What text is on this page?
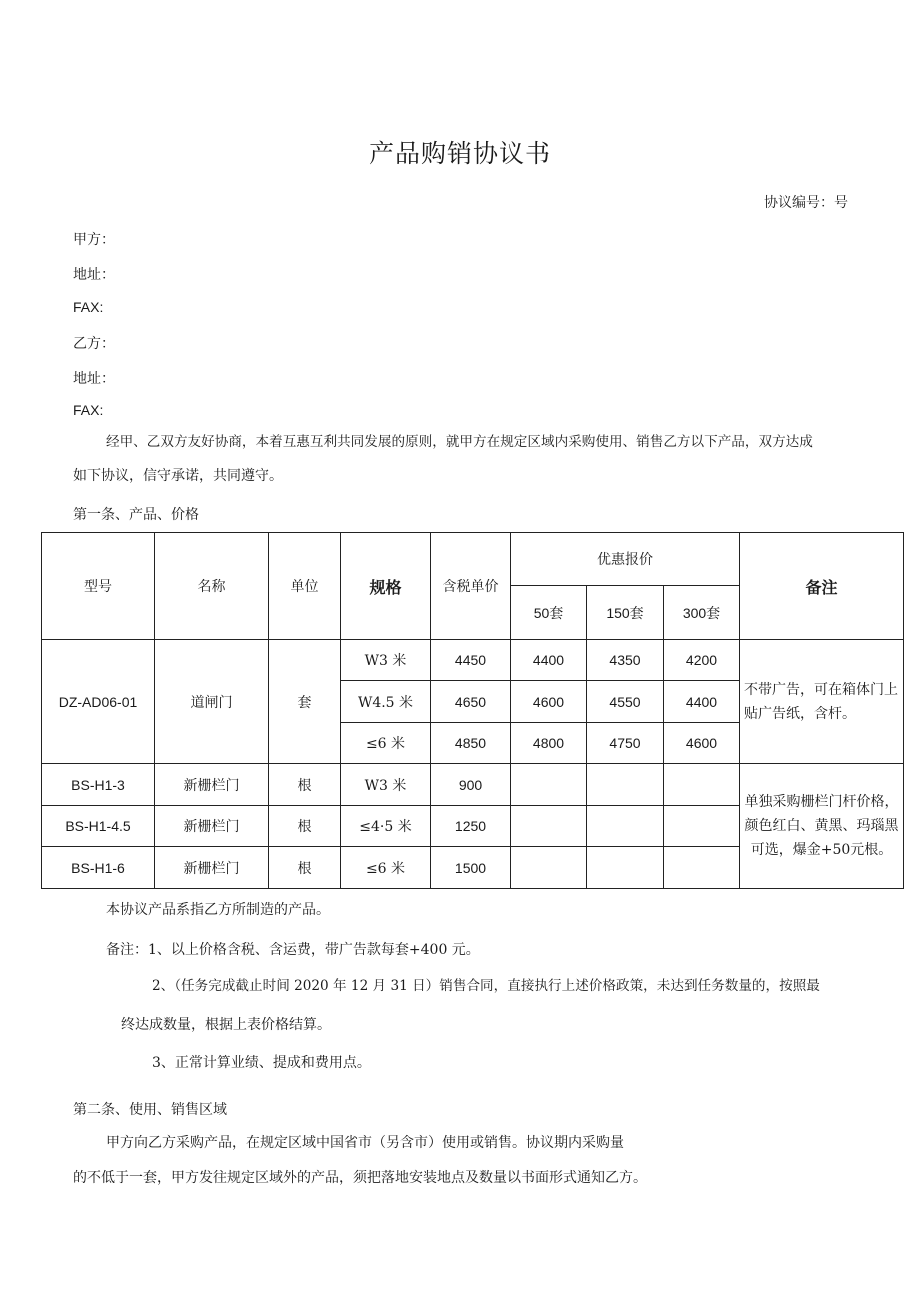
产品购销协议书
协议编号：号
甲方：
地址：
FAX:
乙方：
地址：
FAX:
经甲、乙双方友好协商，本着互惠互利共同发展的原则，就甲方在规定区域内采购使用、销售乙方以下产品，双方达成
如下协议，信守承诺，共同遵守。
第一条、产品、价格
型号	名称	单位	规格	含税单价	优惠报价			备注
					50套	150套	300套	
DZ-AD06-01	道闸门	套	W3 米	4450	4400	4350	4200	不带广告，可在箱体门上贴广告纸，含杆。
			W4.5 米	4650	4600	4550	4400	
			≤6 米	4850	4800	4750	4600	
BS-H1-3	新栅栏门	根	W3 米	900				单独采购栅栏门杆价格，颜色红白、黄黑、玛瑙黑可选，爆金+50元根。
BS-H1-4.5	新栅栏门	根	≤4·5 米	1250				
BS-H1-6	新栅栏门	根	≤6 米	1500				
本协议产品系指乙方所制造的产品。
备注：1、以上价格含税、含运费，带广告款每套+400 元。
2、（任务完成截止时间 2020 年 12 月 31 日）销售合同，直接执行上述价格政策，未达到任务数量的，按照最
终达成数量，根据上表价格结算。
3、正常计算业绩、提成和费用点。
第二条、使用、销售区域
甲方向乙方采购产品，在规定区域中国省市（另含市）使用或销售。协议期内采购量
的不低于一套，甲方发往规定区域外的产品，须把落地安装地点及数量以书面形式通知乙方。
